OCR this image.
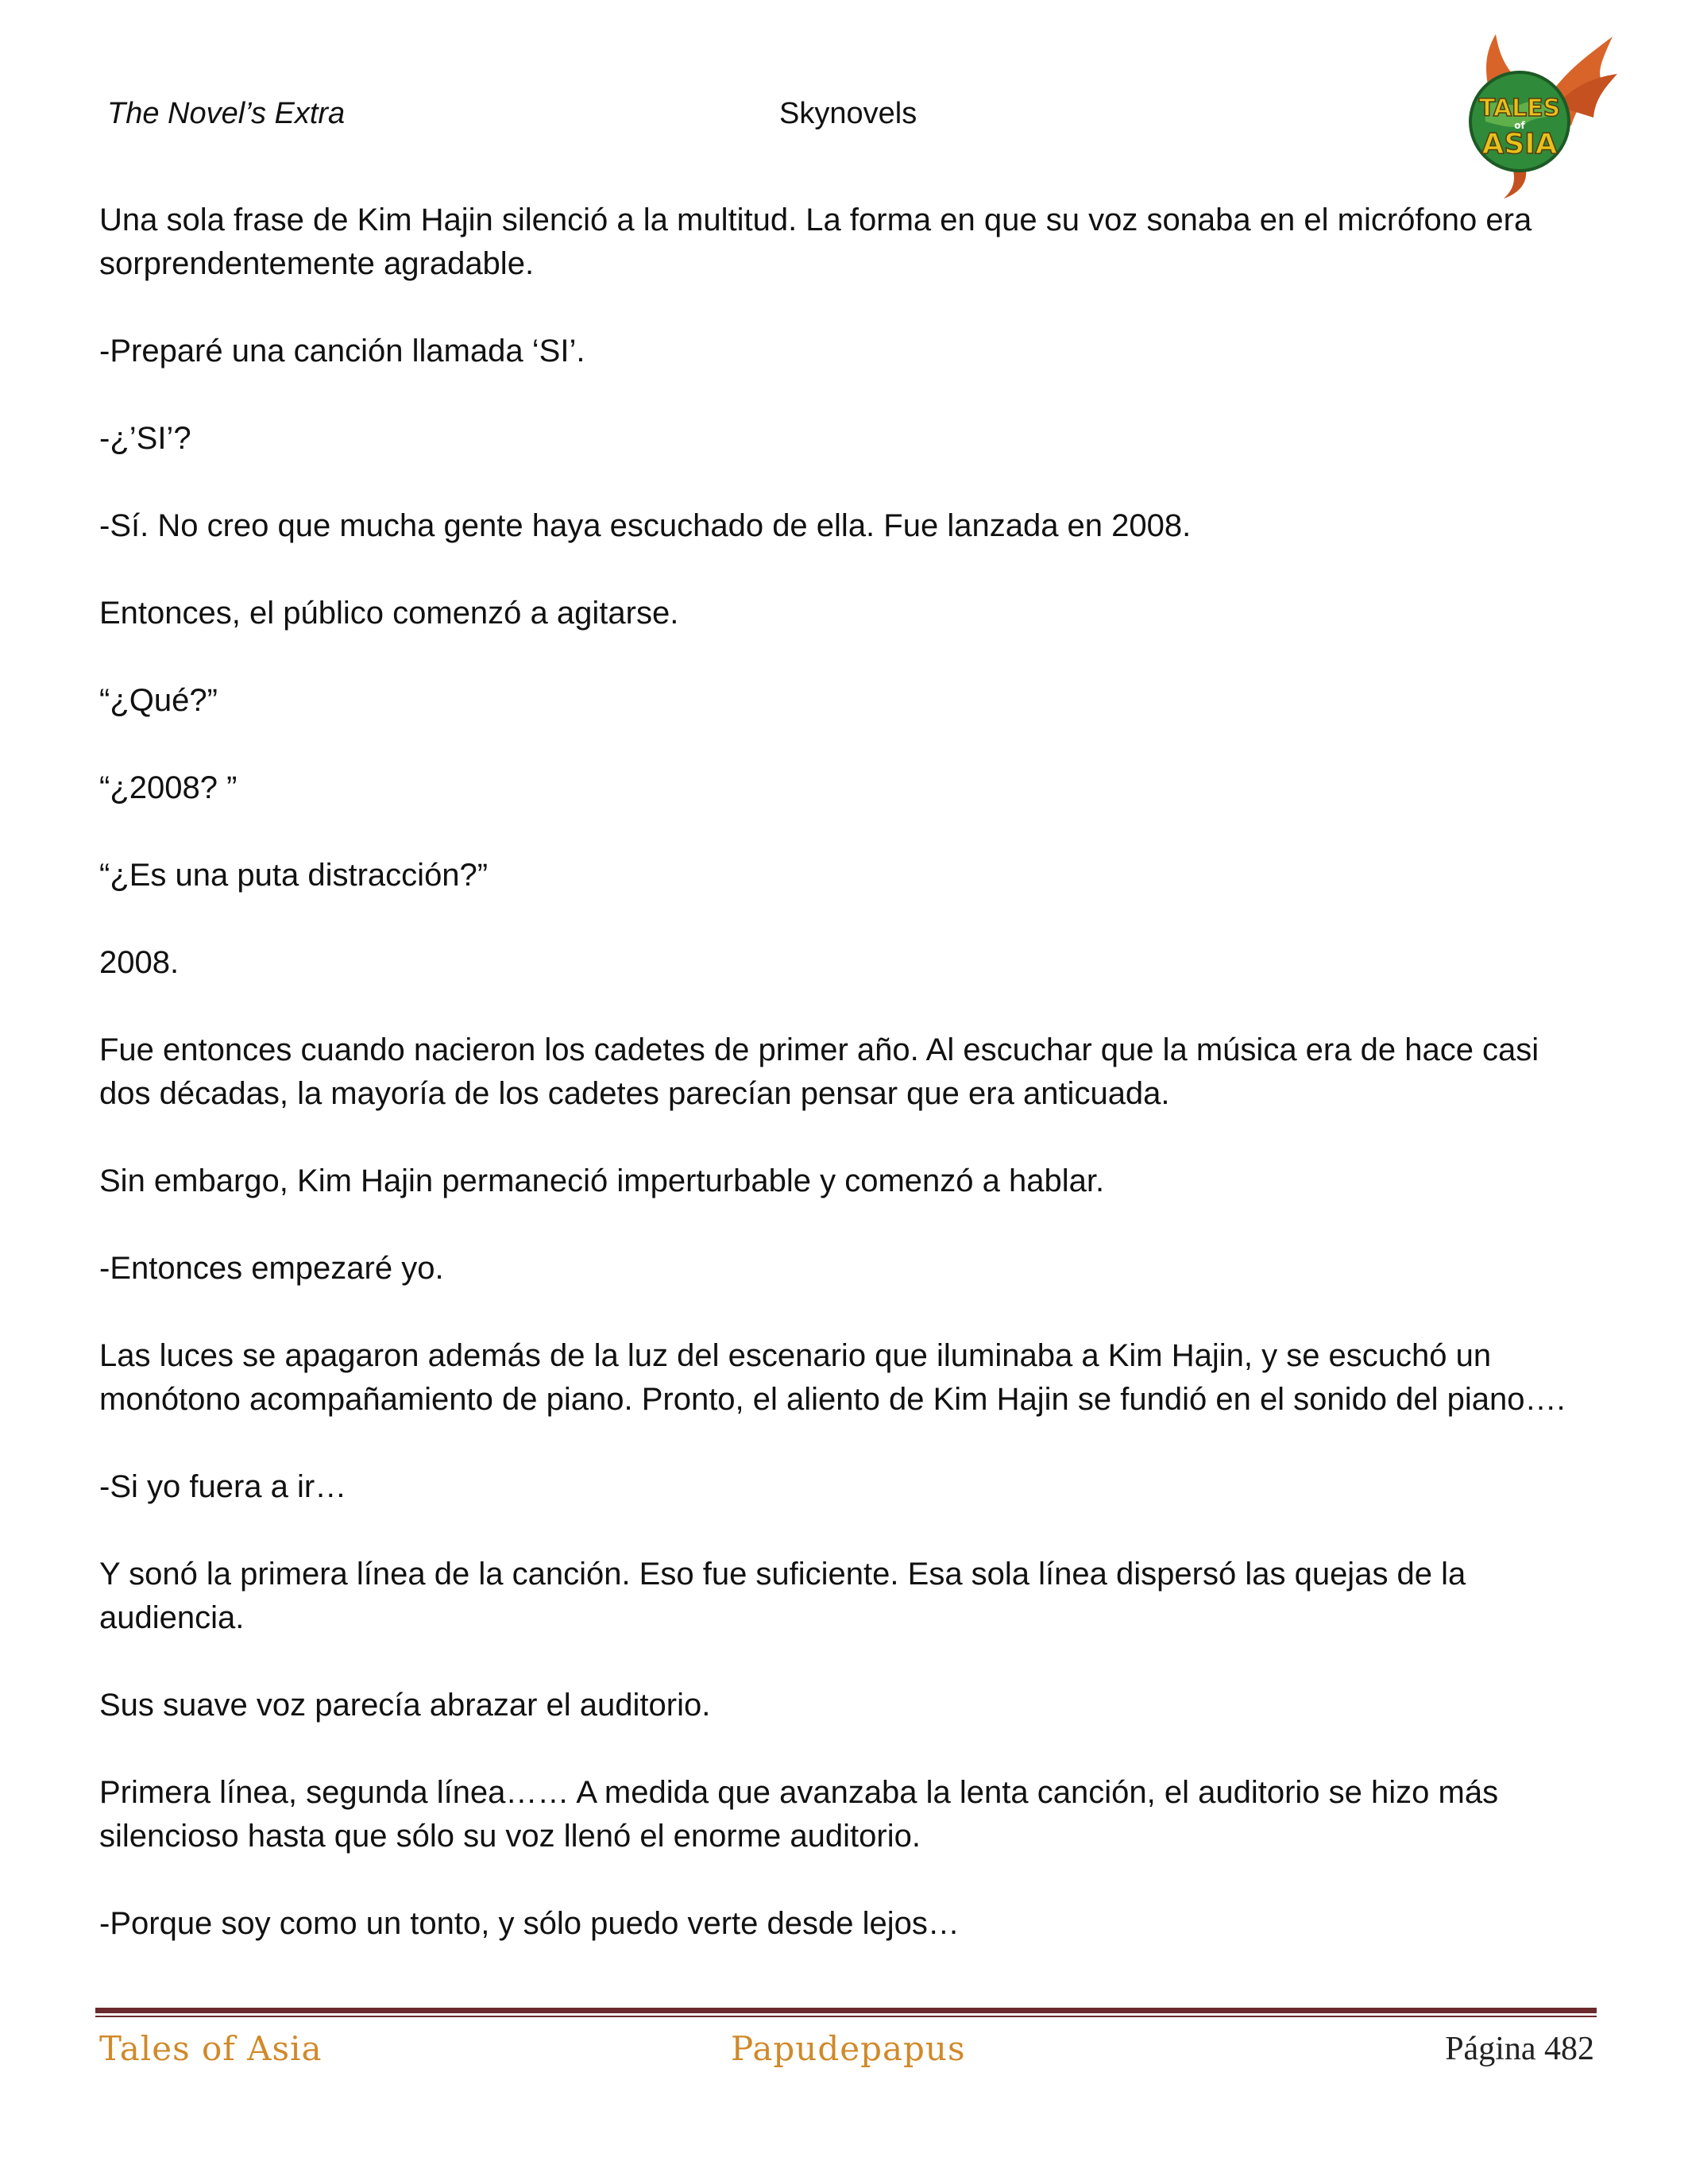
The Novel’s Extra	Skynovels	TALES
of
ASIA

Una sola frase de Kim Hajin silenció a la multitud. La forma en que su voz sonaba en el micrófono era sorprendentemente agradable.

-Preparé una canción llamada ‘SI’.

-¿’SI’?

-Sí. No creo que mucha gente haya escuchado de ella. Fue lanzada en 2008.

Entonces, el público comenzó a agitarse.

“¿Qué?”

“¿2008? ”

“¿Es una puta distracción?”

2008.

Fue entonces cuando nacieron los cadetes de primer año. Al escuchar que la música era de hace casi dos décadas, la mayoría de los cadetes parecían pensar que era anticuada.

Sin embargo, Kim Hajin permaneció imperturbable y comenzó a hablar.

-Entonces empezaré yo.

Las luces se apagaron además de la luz del escenario que iluminaba a Kim Hajin, y se escuchó un monótono acompañamiento de piano. Pronto, el aliento de Kim Hajin se fundió en el sonido del piano….

-Si yo fuera a ir…

Y sonó la primera línea de la canción. Eso fue suficiente. Esa sola línea dispersó las quejas de la audiencia.

Sus suave voz parecía abrazar el auditorio.

Primera línea, segunda línea…… A medida que avanzaba la lenta canción, el auditorio se hizo más silencioso hasta que sólo su voz llenó el enorme auditorio.

-Porque soy como un tonto, y sólo puedo verte desde lejos…

Tales of Asia	Papudepapus	Página 482
